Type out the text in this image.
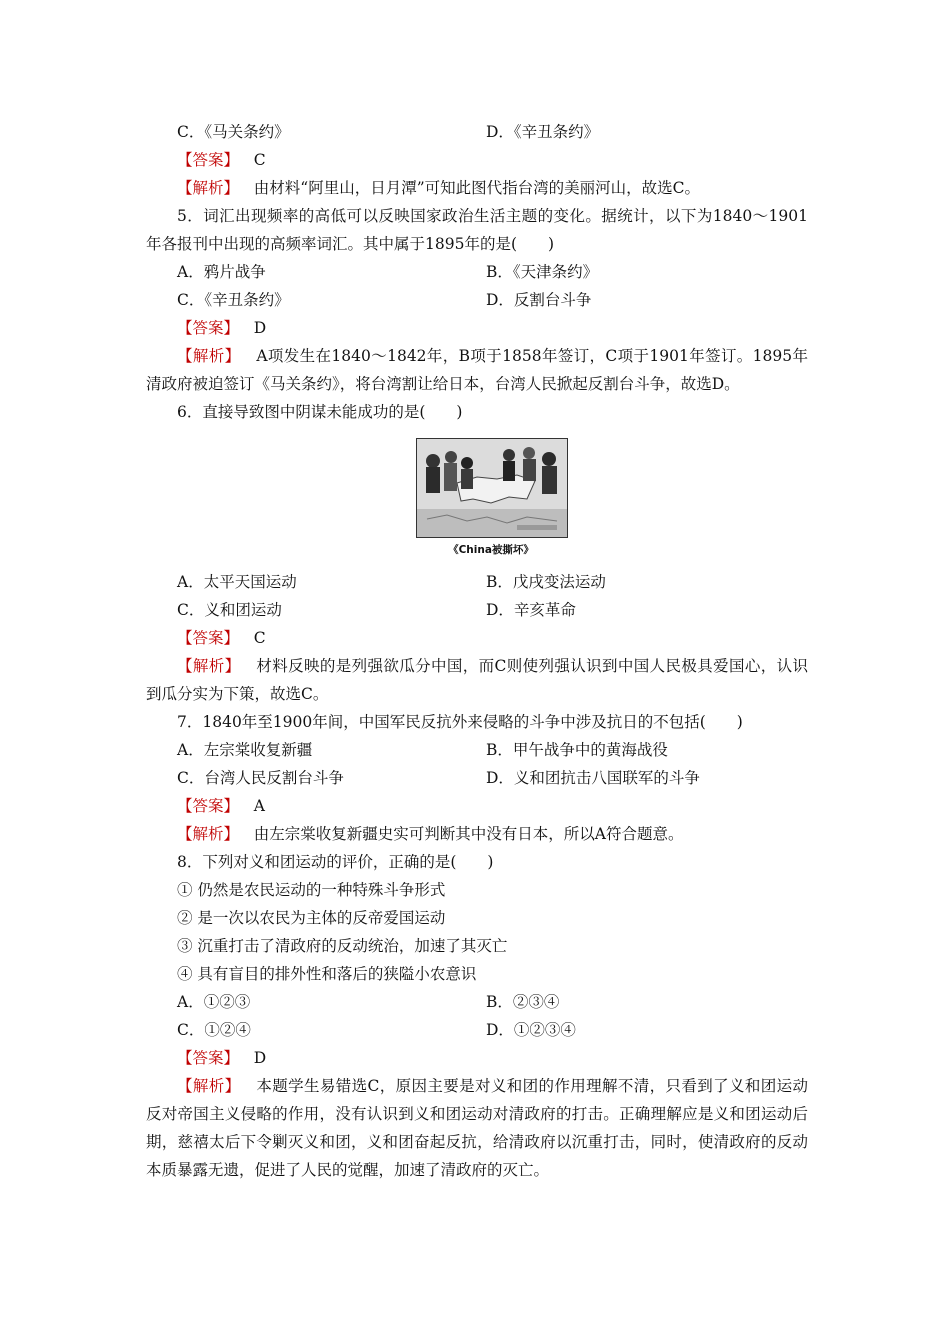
C．《马关条约》	D．《辛丑条约》
【答案】 C
【解析】 由材料“阿里山，日月潭”可知此图代指台湾的美丽河山，故选C。
5．词汇出现频率的高低可以反映国家政治生活主题的变化。据统计，以下为1840～1901年各报刊中出现的高频率词汇。其中属于1895年的是(　　)
A．鸦片战争	B．《天津条约》
C．《辛丑条约》	D．反割台斗争
【答案】 D
【解析】 A项发生在1840～1842年，B项于1858年签订，C项于1901年签订。1895年清政府被迫签订《马关条约》，将台湾割让给日本，台湾人民掀起反割台斗争，故选D。
6．直接导致图中阴谋未能成功的是(　　)
《China被撕坏》
A．太平天国运动	B．戊戌变法运动
C．义和团运动	D．辛亥革命
【答案】 C
【解析】 材料反映的是列强欲瓜分中国，而C则使列强认识到中国人民极具爱国心，认识到瓜分实为下策，故选C。
7．1840年至1900年间，中国军民反抗外来侵略的斗争中涉及抗日的不包括(　　)
A．左宗棠收复新疆	B．甲午战争中的黄海战役
C．台湾人民反割台斗争	D．义和团抗击八国联军的斗争
【答案】 A
【解析】 由左宗棠收复新疆史实可判断其中没有日本，所以A符合题意。
8．下列对义和团运动的评价，正确的是(　　)
① 仍然是农民运动的一种特殊斗争形式
② 是一次以农民为主体的反帝爱国运动
③ 沉重打击了清政府的反动统治，加速了其灭亡
④ 具有盲目的排外性和落后的狭隘小农意识
A．①②③	B．②③④
C．①②④	D．①②③④
【答案】 D
【解析】 本题学生易错选C，原因主要是对义和团的作用理解不清，只看到了义和团运动反对帝国主义侵略的作用，没有认识到义和团运动对清政府的打击。正确理解应是义和团运动后期，慈禧太后下令剿灭义和团，义和团奋起反抗，给清政府以沉重打击，同时，使清政府的反动本质暴露无遗，促进了人民的觉醒，加速了清政府的灭亡。
